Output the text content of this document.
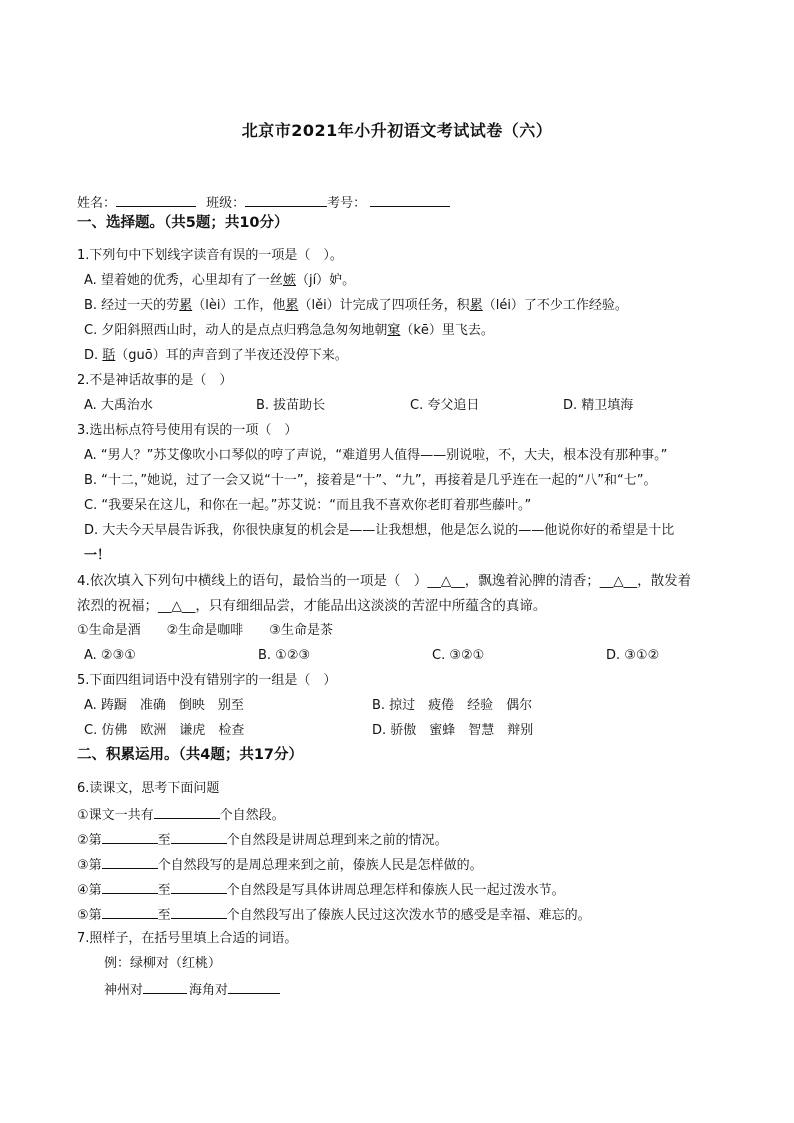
北京市2021年小升初语文考试试卷（六）
姓名：	班级：	考号：
一、选择题。（共5题；共10分）
1.下列句中下划线字读音有误的一项是（　）。
A. 望着她的优秀，心里却有了一丝嫉（jí）妒。
B. 经过一天的劳累（lèi）工作，他累（lěi）计完成了四项任务，积累（léi）了不少工作经验。
C. 夕阳斜照西山时，动人的是点点归鸦急急匆匆地朝窠（kē）里飞去。
D. 聒（guō）耳的声音到了半夜还没停下来。
2.不是神话故事的是（　）
A. 大禹治水	B. 拔苗助长	C. 夸父追日	D. 精卫填海
3.选出标点符号使用有误的一项（　）
A. “男人？”苏艾像吹小口琴似的哼了声说，“难道男人值得——别说啦，不，大夫，根本没有那种事。”
B. “十二，”她说，过了一会又说“十一”，接着是“十”、“九”，再接着是几乎连在一起的“八”和“七”。
C. “我要呆在这儿，和你在一起。”苏艾说：“而且我不喜欢你老盯着那些藤叶。”
D. 大夫今天早晨告诉我，你很快康复的机会是——让我想想，他是怎么说的——他说你好的希望是十比
一！
4.依次填入下列句中横线上的语句，最恰当的一项是（　）__△__，飘逸着沁脾的清香；__△__，散发着
浓烈的祝福；__△__，只有细细品尝，才能品出这淡淡的苦涩中所蕴含的真谛。
①生命是酒　　②生命是咖啡　　③生命是茶
A. ②③①	B. ①②③	C. ③②①	D. ③①②
5.下面四组词语中没有错别字的一组是（　）
A. 踌蹰　准确　倒映　别至	B. 掠过　疲倦　经验　偶尔
C. 仿佛　欧洲　谦虎　检查	D. 骄傲　蜜蜂　智慧　辩别
二、积累运用。（共4题；共17分）
6.读课文，思考下面问题
①课文一共有	个自然段。
②第	至	个自然段是讲周总理到来之前的情况。
③第	个自然段写的是周总理来到之前，傣族人民是怎样做的。
④第	至	个自然段是写具体讲周总理怎样和傣族人民一起过泼水节。
⑤第	至	个自然段写出了傣族人民过这次泼水节的感受是幸福、难忘的。
7.照样子，在括号里填上合适的词语。
例：绿柳对（红桃）
神州对	海角对
